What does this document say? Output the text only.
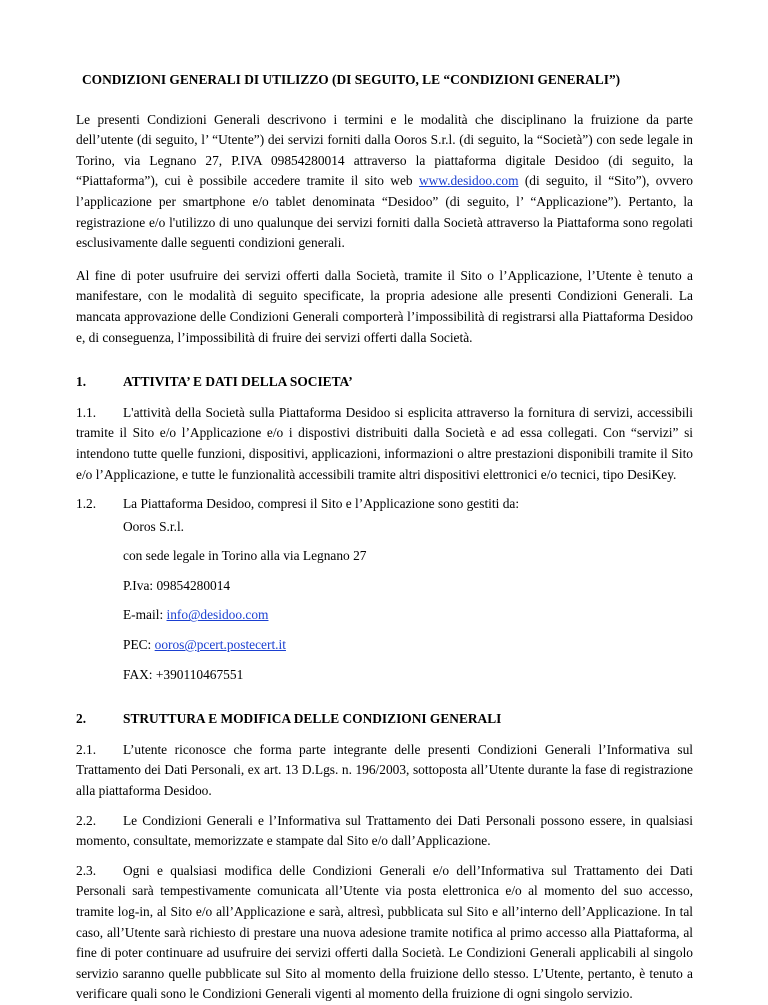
CONDIZIONI GENERALI DI UTILIZZO (DI SEGUITO, LE “CONDIZIONI GENERALI”)

Le presenti Condizioni Generali descrivono i termini e le modalità che disciplinano la fruizione da parte dell’utente (di seguito, l’ “Utente”) dei servizi forniti dalla Ooros S.r.l. (di seguito, la “Società”) con sede legale in Torino, via Legnano 27, P.IVA 09854280014 attraverso la piattaforma digitale Desidoo (di seguito, la “Piattaforma”), cui è possibile accedere tramite il sito web www.desidoo.com (di seguito, il “Sito”), ovvero l’applicazione per smartphone e/o tablet denominata “Desidoo” (di seguito, l’ “Applicazione”). Pertanto, la registrazione e/o l'utilizzo di uno qualunque dei servizi forniti dalla Società attraverso la Piattaforma sono regolati esclusivamente dalle seguenti condizioni generali.

Al fine di poter usufruire dei servizi offerti dalla Società, tramite il Sito o l’Applicazione, l’Utente è tenuto a manifestare, con le modalità di seguito specificate, la propria adesione alle presenti Condizioni Generali. La mancata approvazione delle Condizioni Generali comporterà l’impossibilità di registrarsi alla Piattaforma Desidoo e, di conseguenza, l’impossibilità di fruire dei servizi offerti dalla Società.

1.	ATTIVITA’ E DATI DELLA SOCIETA’

1.1. L'attività della Società sulla Piattaforma Desidoo si esplicita attraverso la fornitura di servizi, accessibili tramite il Sito e/o l’Applicazione e/o i dispostivi distribuiti dalla Società e ad essa collegati. Con “servizi” si intendono tutte quelle funzioni, dispositivi, applicazioni, informazioni o altre prestazioni disponibili tramite il Sito e/o l’Applicazione, e tutte le funzionalità accessibili tramite altri dispositivi elettronici e/o tecnici, tipo DesiKey.

1.2. La Piattaforma Desidoo, compresi il Sito e l’Applicazione sono gestiti da:

Ooros S.r.l.
con sede legale in Torino alla via Legnano 27
P.Iva: 09854280014
E-mail: info@desidoo.com
PEC: ooros@pcert.postecert.it
FAX: +390110467551
2.	STRUTTURA E MODIFICA DELLE CONDIZIONI GENERALI

2.1. L’utente riconosce che forma parte integrante delle presenti Condizioni Generali l’Informativa sul Trattamento dei Dati Personali, ex art. 13 D.Lgs. n. 196/2003, sottoposta all’Utente durante la fase di registrazione alla piattaforma Desidoo.

2.2. Le Condizioni Generali e l’Informativa sul Trattamento dei Dati Personali possono essere, in qualsiasi momento, consultate, memorizzate e stampate dal Sito e/o dall’Applicazione.

2.3. Ogni e qualsiasi modifica delle Condizioni Generali e/o dell’Informativa sul Trattamento dei Dati Personali sarà tempestivamente comunicata all’Utente via posta elettronica e/o al momento del suo accesso, tramite log-in, al Sito e/o all’Applicazione e sarà, altresì, pubblicata sul Sito e all’interno dell’Applicazione. In tal caso, all’Utente sarà richiesto di prestare una nuova adesione tramite notifica al primo accesso alla Piattaforma, al fine di poter continuare ad usufruire dei servizi offerti dalla Società. Le Condizioni Generali applicabili al singolo servizio saranno quelle pubblicate sul Sito al momento della fruizione dello stesso. L’Utente, pertanto, è tenuto a verificare quali sono le Condizioni Generali vigenti al momento della fruizione di ogni singolo servizio.
